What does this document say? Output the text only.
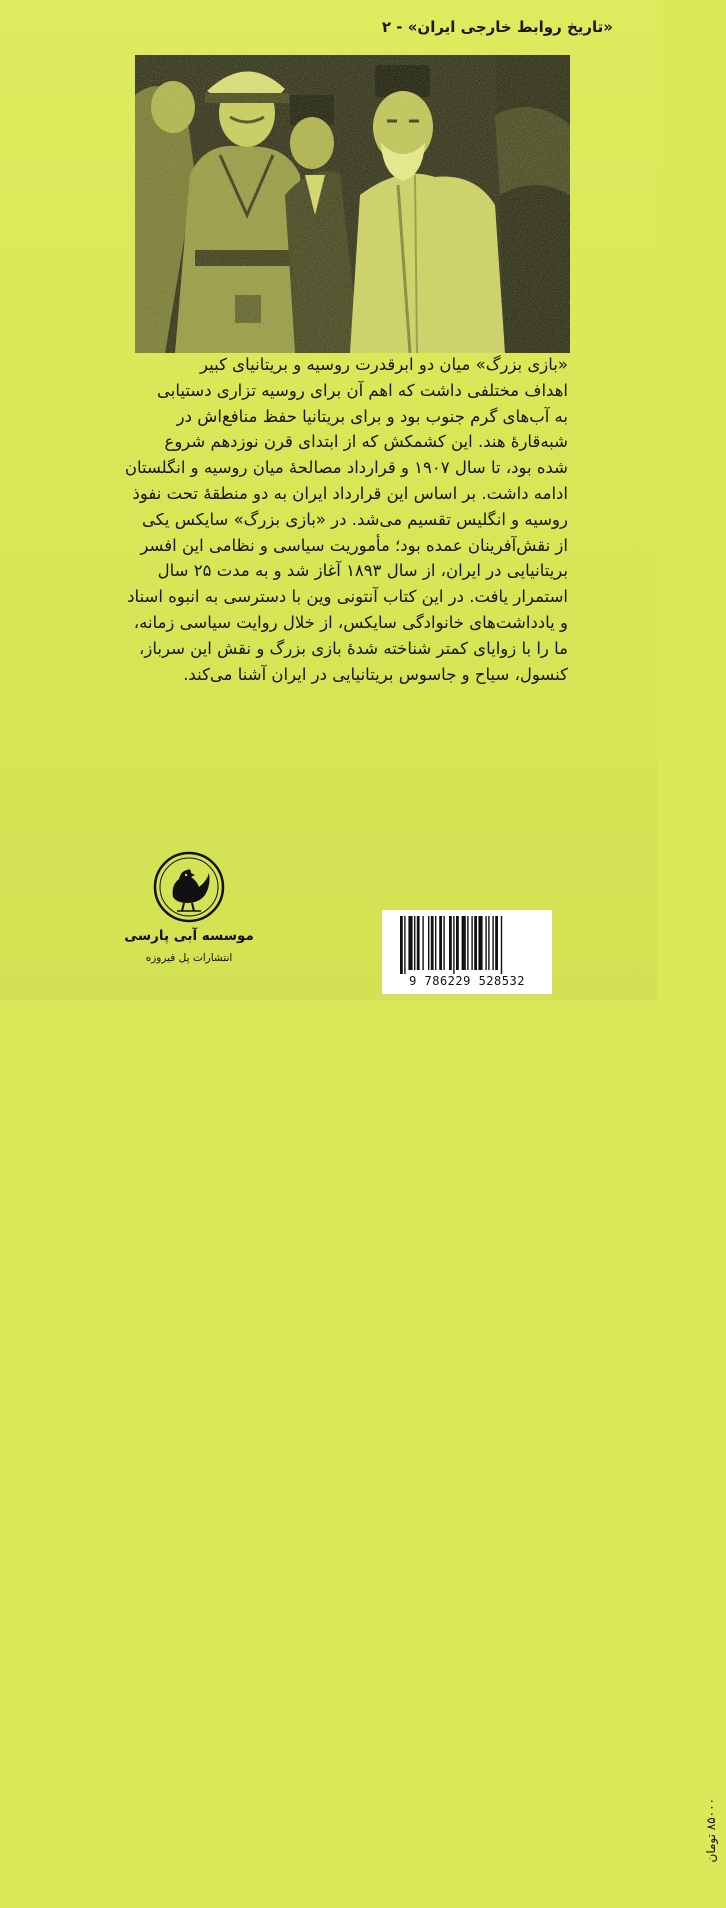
«تاریخ روابط خارجی ایران» - ۲

«بازی بزرگ» میان دو ابرقدرت روسیه و بریتانیای کبیر

اهداف مختلفی داشت که اهم آن برای روسیه تزاری دستیابی

به آب‌های گرم جنوب بود و برای بریتانیا حفظ منافع‌اش در

شبه‌قارهٔ هند. این کشمکش که از ابتدای قرن نوزدهم شروع

شده بود، تا سال ۱۹۰۷ و قرارداد مصالحهٔ میان روسیه و انگلستان

ادامه داشت. بر اساس این قرارداد ایران به دو منطقهٔ تحت نفوذ

روسیه و انگلیس تقسیم می‌شد. در «بازی بزرگ» سایکس یکی

از نقش‌آفرینان عمده بود؛ مأموریت سیاسی و نظامی این افسر

بریتانیایی در ایران، از سال ۱۸۹۳ آغاز شد و به مدت ۲۵ سال

استمرار یافت. در این کتاب آنتونی وین با دسترسی به انبوه اسناد

و یادداشت‌های خانوادگی سایکس، از خلال روایت سیاسی زمانه،

ما را با زوایای کمتر شناخته شدهٔ بازی بزرگ و نقش این سرباز،

کنسول، سیاح و جاسوس بریتانیایی در ایران آشنا می‌کند.

موسسه آبی پارسی
انتشارات پل فیروزه
۸۵۰۰۰ تومان
9 786229 528532
